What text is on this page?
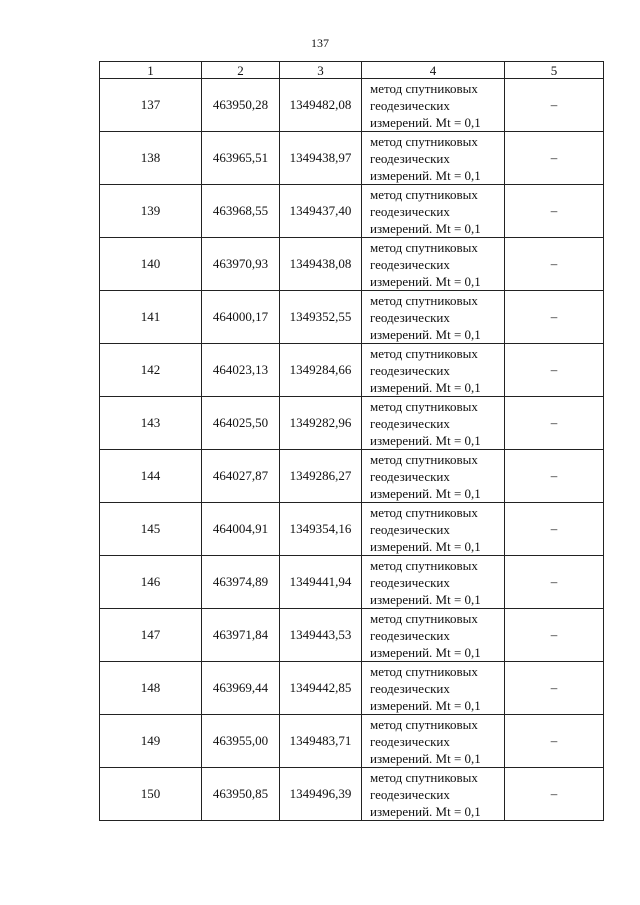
137
1	2	3	4	5
137	463950,28	1349482,08	метод спутниковых
геодезических
измерений. Mt = 0,1	–
138	463965,51	1349438,97	метод спутниковых
геодезических
измерений. Mt = 0,1	–
139	463968,55	1349437,40	метод спутниковых
геодезических
измерений. Mt = 0,1	–
140	463970,93	1349438,08	метод спутниковых
геодезических
измерений. Mt = 0,1	–
141	464000,17	1349352,55	метод спутниковых
геодезических
измерений. Mt = 0,1	–
142	464023,13	1349284,66	метод спутниковых
геодезических
измерений. Mt = 0,1	–
143	464025,50	1349282,96	метод спутниковых
геодезических
измерений. Mt = 0,1	–
144	464027,87	1349286,27	метод спутниковых
геодезических
измерений. Mt = 0,1	–
145	464004,91	1349354,16	метод спутниковых
геодезических
измерений. Mt = 0,1	–
146	463974,89	1349441,94	метод спутниковых
геодезических
измерений. Mt = 0,1	–
147	463971,84	1349443,53	метод спутниковых
геодезических
измерений. Mt = 0,1	–
148	463969,44	1349442,85	метод спутниковых
геодезических
измерений. Mt = 0,1	–
149	463955,00	1349483,71	метод спутниковых
геодезических
измерений. Mt = 0,1	–
150	463950,85	1349496,39	метод спутниковых
геодезических
измерений. Mt = 0,1	–
